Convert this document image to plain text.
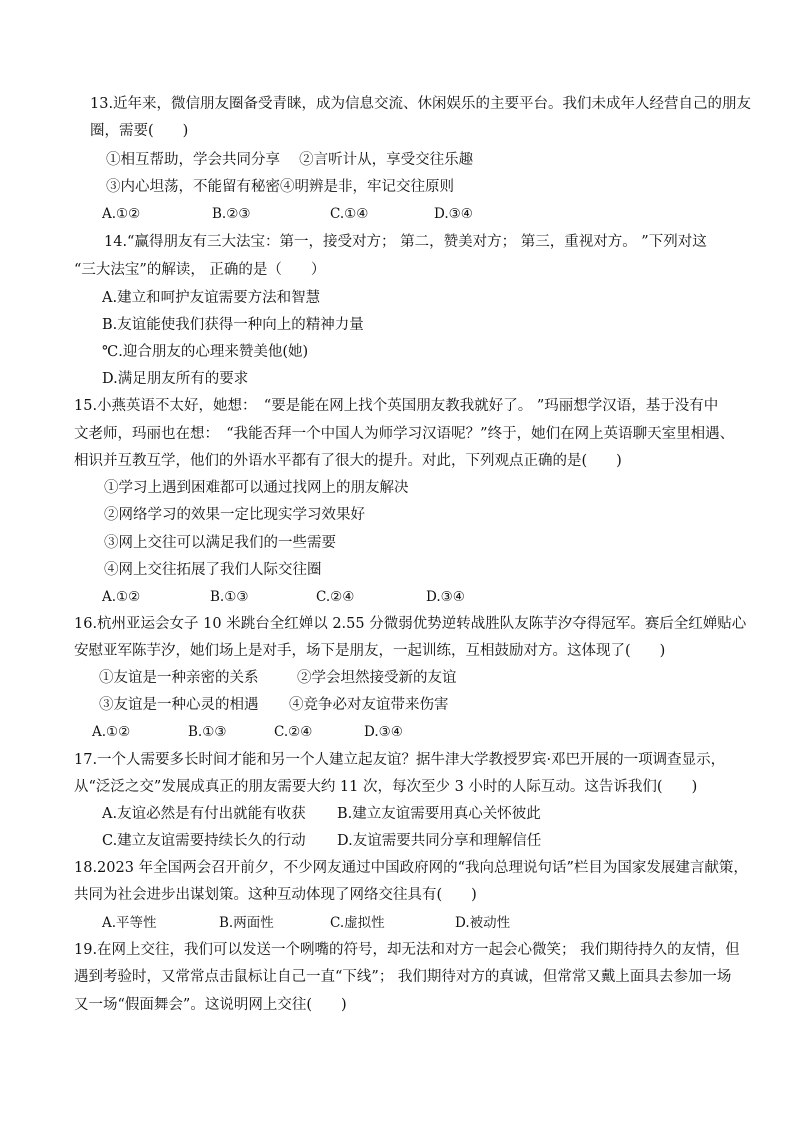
13.近年来，微信朋友圈备受青睐，成为信息交流、休闲娱乐的主要平台。我们未成年人经营自己的朋友
圈，需要(　　)
①相互帮助，学会共同分享　 ②言听计从，享受交往乐趣
③内心坦荡，不能留有秘密④明辨是非，牢记交往原则
A.①②	B.②③	C.①④	D.③④
14.“赢得朋友有三大法宝：第一，接受对方； 第二，赞美对方； 第三，重视对方。 ”下列对这
“三大法宝”的解读， 正确的是（　　）
A.建立和呵护友谊需要方法和智慧
B.友谊能使我们获得一种向上的精神力量
℃.迎合朋友的心理来赞美他(她)
D.满足朋友所有的要求
15.小燕英语不太好，她想：　“要是能在网上找个英国朋友教我就好了。 ”玛丽想学汉语，基于没有中
文老师，玛丽也在想：　“我能否拜一个中国人为师学习汉语呢？”终于，她们在网上英语聊天室里相遇、
相识并互教互学，他们的外语水平都有了很大的提升。对此，下列观点正确的是(　　)
①学习上遇到困难都可以通过找网上的朋友解决
②网络学习的效果一定比现实学习效果好
③网上交往可以满足我们的一些需要
④网上交往拓展了我们人际交往圈
A.①②	B.①③	C.②④	D.③④
16.杭州亚运会女子 10 米跳台全红婵以 2.55 分微弱优势逆转战胜队友陈芋汐夺得冠军。赛后全红婵贴心
安慰亚军陈芋汐，她们场上是对手，场下是朋友，一起训练，互相鼓励对方。这体现了(　　)
①友谊是一种亲密的关系	②学会坦然接受新的友谊
③友谊是一种心灵的相遇 ④竞争必对友谊带来伤害
A.①②	B.①③	C.②④	D.③④
17.一个人需要多长时间才能和另一个人建立起友谊？据牛津大学教授罗宾·邓巴开展的一项调查显示，
从“泛泛之交”发展成真正的朋友需要大约 11 次，每次至少 3 小时的人际互动。这告诉我们(　　)
A.友谊必然是有付出就能有收获 B.建立友谊需要用真心关怀彼此
C.建立友谊需要持续长久的行动 D.友谊需要共同分享和理解信任
18.2023 年全国两会召开前夕，不少网友通过中国政府网的“我向总理说句话”栏目为国家发展建言献策，
共同为社会进步出谋划策。这种互动体现了网络交往具有(　　)
A.平等性	B.两面性	C.虚拟性	D.被动性
19.在网上交往，我们可以发送一个咧嘴的符号，却无法和对方一起会心微笑； 我们期待持久的友情，但
遇到考验时，又常常点击鼠标让自己一直“下线”； 我们期待对方的真诚，但常常又戴上面具去参加一场
又一场“假面舞会”。这说明网上交往(　　)
